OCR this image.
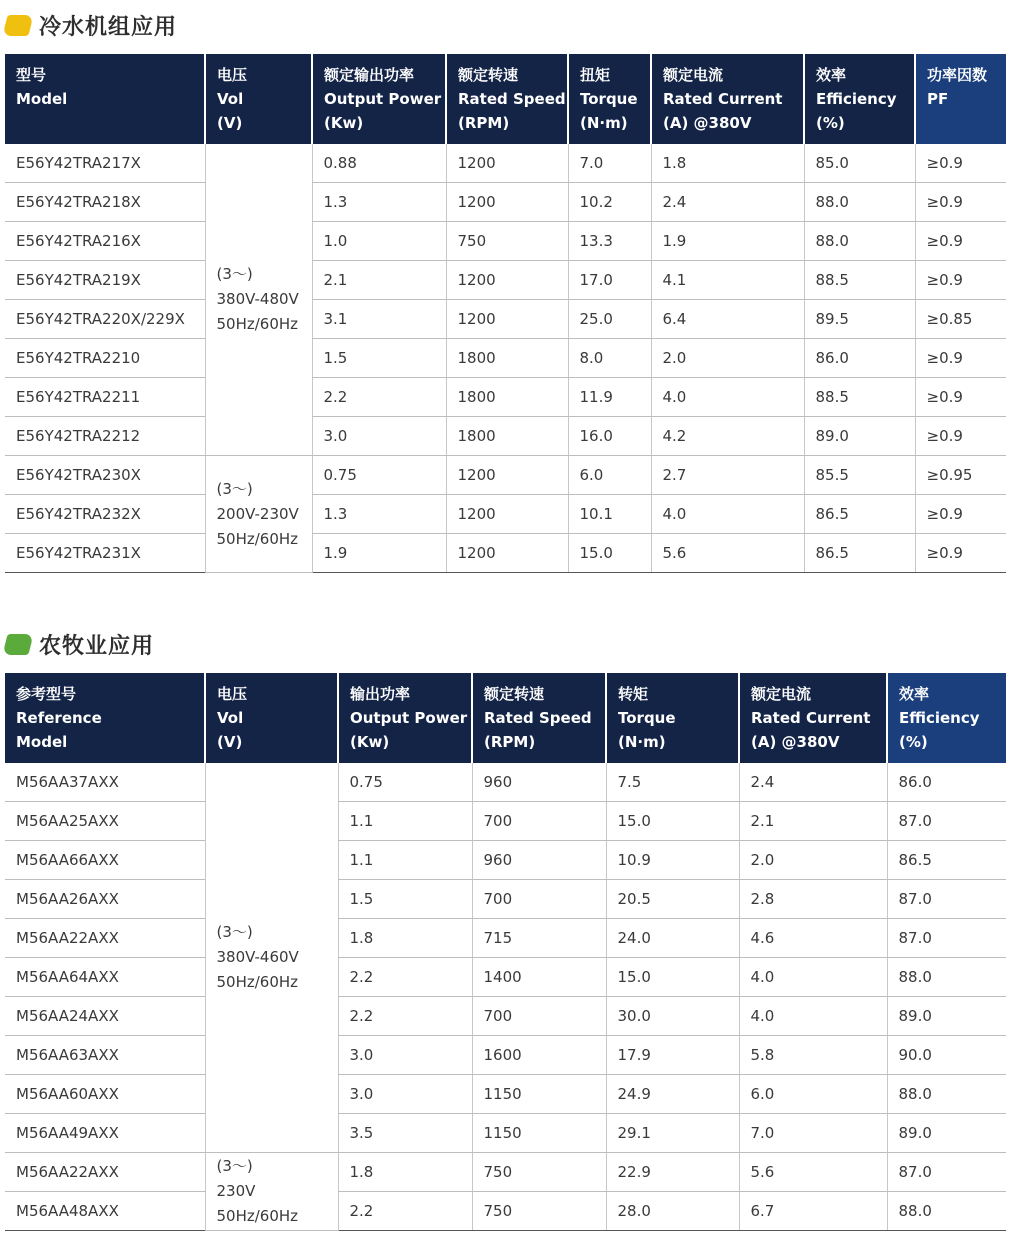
冷水机组应用
型号
Model	电压
Vol
(V)	额定输出功率
Output Power
(Kw)	额定转速
Rated Speed
(RPM)	扭矩
Torque
(N·m)	额定电流
Rated Current
(A) @380V	效率
Efficiency
(%)	功率因数
PF

E56Y42TRA217X	(3～)
380V-480V
50Hz/60Hz	0.88	1200	7.0	1.8	85.0	≥0.9
E56Y42TRA218X		1.3	1200	10.2	2.4	88.0	≥0.9
E56Y42TRA216X		1.0	750	13.3	1.9	88.0	≥0.9
E56Y42TRA219X		2.1	1200	17.0	4.1	88.5	≥0.9
E56Y42TRA220X/229X		3.1	1200	25.0	6.4	89.5	≥0.85
E56Y42TRA2210		1.5	1800	8.0	2.0	86.0	≥0.9
E56Y42TRA2211		2.2	1800	11.9	4.0	88.5	≥0.9
E56Y42TRA2212		3.0	1800	16.0	4.2	89.0	≥0.9
E56Y42TRA230X	(3～)
200V-230V
50Hz/60Hz	0.75	1200	6.0	2.7	85.5	≥0.95
E56Y42TRA232X		1.3	1200	10.1	4.0	86.5	≥0.9
E56Y42TRA231X		1.9	1200	15.0	5.6	86.5	≥0.9
农牧业应用
参考型号
Reference
Model	电压
Vol
(V)	输出功率
Output Power
(Kw)	额定转速
Rated Speed
(RPM)	转矩
Torque
(N·m)	额定电流
Rated Current
(A) @380V	效率
Efficiency
(%)

M56AA37AXX	(3～)
380V-460V
50Hz/60Hz	0.75	960	7.5	2.4	86.0
M56AA25AXX		1.1	700	15.0	2.1	87.0
M56AA66AXX		1.1	960	10.9	2.0	86.5
M56AA26AXX		1.5	700	20.5	2.8	87.0
M56AA22AXX		1.8	715	24.0	4.6	87.0
M56AA64AXX		2.2	1400	15.0	4.0	88.0
M56AA24AXX		2.2	700	30.0	4.0	89.0
M56AA63AXX		3.0	1600	17.9	5.8	90.0
M56AA60AXX		3.0	1150	24.9	6.0	88.0
M56AA49AXX		3.5	1150	29.1	7.0	89.0
M56AA22AXX	(3～)
230V
50Hz/60Hz	1.8	750	22.9	5.6	87.0
M56AA48AXX		2.2	750	28.0	6.7	88.0
